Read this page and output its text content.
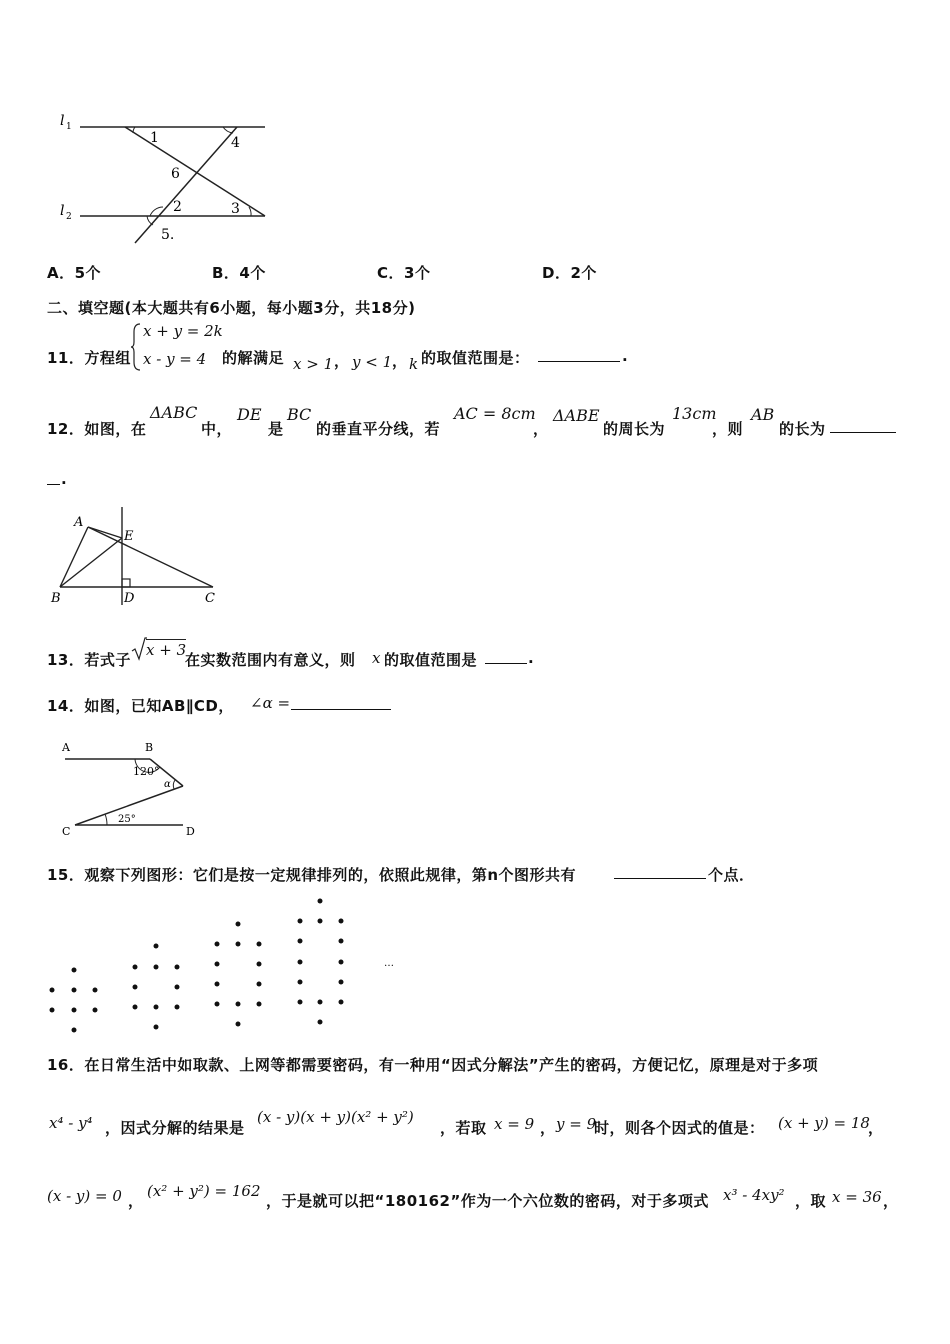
l 1
l 2
1	4
6
2	3
5.
A．5个	B．4个	C．3个	D．2个
二、填空题(本大题共有6小题，每小题3分，共18分)
11．方程组
x + y = 2k
x - y = 4 的解满足 x > 1 ， y < 1 ， k 的取值范围是：	.
12．如图，在
ΔABC
中，
DE
是
BC
的垂直平分线，若
AC = 8cm
，
ΔABE
的周长为
13cm
，则
AB
的长为
.
A
E
B	D	C
13．若式子
x + 3
在实数范围内有意义，则 x 的取值范围是	.
14．如图，已知AB∥CD， ∠α =
A	B
C	D
120°
α
25°
15．观察下列图形：它们是按一定规律排列的，依照此规律，第n个图形共有	个点．
…
16．在日常生活中如取款、上网等都需要密码，有一种用“因式分解法”产生的密码，方便记忆，原理是对于多项
x⁴ - y⁴ ，因式分解的结果是
(x - y)(x + y)(x² + y²)
，若取 x = 9 ， y = 9
时，则各个因式的值是： (x + y) = 18
，
(x - y) = 0 ，
(x² + y²) = 162
，于是就可以把“180162”作为一个六位数的密码，对于多项式 x³ - 4xy² ，取 x = 36 ，
